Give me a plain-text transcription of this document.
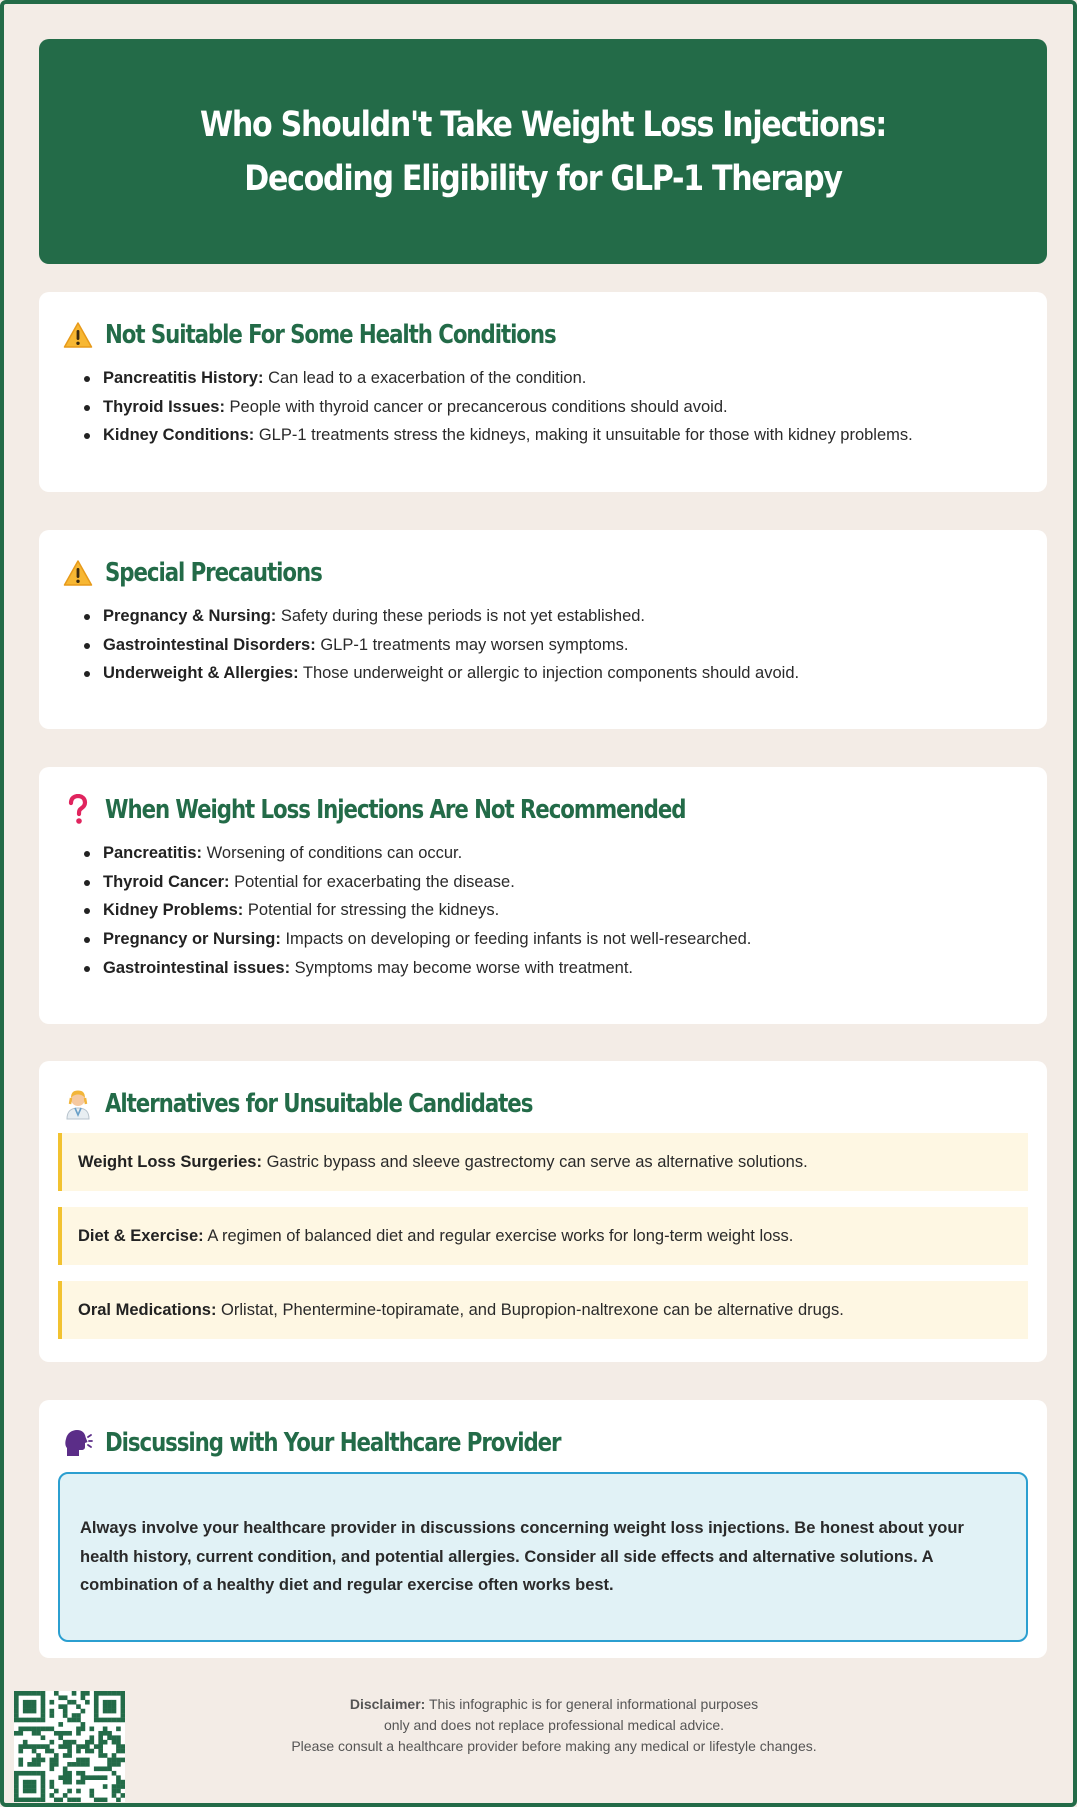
Who Shouldn't Take Weight Loss Injections: Decoding Eligibility for GLP-1 Therapy
Not Suitable For Some Health Conditions
Pancreatitis History: Can lead to a exacerbation of the condition.
Thyroid Issues: People with thyroid cancer or precancerous conditions should avoid.
Kidney Conditions: GLP-1 treatments stress the kidneys, making it unsuitable for those with kidney problems.
Special Precautions
Pregnancy & Nursing: Safety during these periods is not yet established.
Gastrointestinal Disorders: GLP-1 treatments may worsen symptoms.
Underweight & Allergies: Those underweight or allergic to injection components should avoid.
When Weight Loss Injections Are Not Recommended
Pancreatitis: Worsening of conditions can occur.
Thyroid Cancer: Potential for exacerbating the disease.
Kidney Problems: Potential for stressing the kidneys.
Pregnancy or Nursing: Impacts on developing or feeding infants is not well-researched.
Gastrointestinal issues: Symptoms may become worse with treatment.
Alternatives for Unsuitable Candidates
Weight Loss Surgeries: Gastric bypass and sleeve gastrectomy can serve as alternative solutions.
Diet & Exercise: A regimen of balanced diet and regular exercise works for long-term weight loss.
Oral Medications: Orlistat, Phentermine-topiramate, and Bupropion-naltrexone can be alternative drugs.
Discussing with Your Healthcare Provider
Always involve your healthcare provider in discussions concerning weight loss injections. Be honest about your health history, current condition, and potential allergies. Consider all side effects and alternative solutions. A combination of a healthy diet and regular exercise often works best.
Disclaimer: This infographic is for general informational purposes
only and does not replace professional medical advice.
Please consult a healthcare provider before making any medical or lifestyle changes.
